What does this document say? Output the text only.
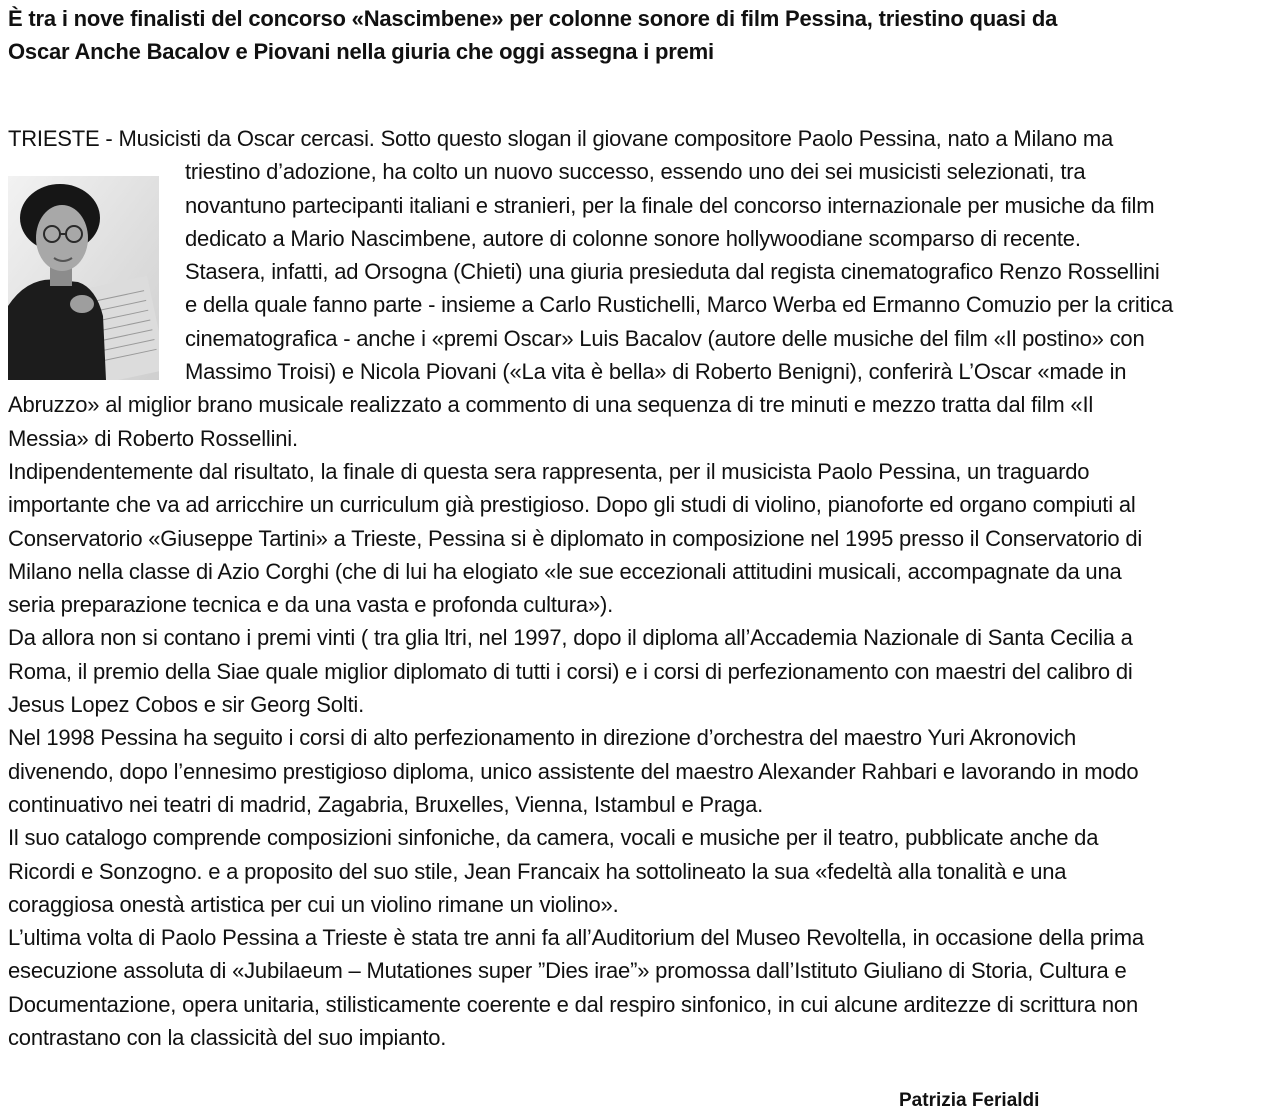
È tra i nove finalisti del concorso «Nascimbene» per colonne sonore di film Pessina, triestino quasi da
Oscar Anche Bacalov e Piovani nella giuria che oggi assegna i premi
TRIESTE - Musicisti da Oscar cercasi. Sotto questo slogan il giovane compositore Paolo Pessina, nato a Milano ma
triestino d’adozione, ha colto un nuovo successo, essendo uno dei sei musicisti selezionati, tra
novantuno partecipanti italiani e stranieri, per la finale del concorso internazionale per musiche da film
dedicato a Mario Nascimbene, autore di colonne sonore hollywoodiane scomparso di recente.
Stasera, infatti, ad Orsogna (Chieti) una giuria presieduta dal regista cinematografico Renzo Rossellini
e della quale fanno parte - insieme a Carlo Rustichelli, Marco Werba ed Ermanno Comuzio per la critica
cinematografica - anche i «premi Oscar» Luis Bacalov (autore delle musiche del film «Il postino» con
Massimo Troisi) e Nicola Piovani («La vita è bella» di Roberto Benigni), conferirà L’Oscar «made in
Abruzzo» al miglior brano musicale realizzato a commento di una sequenza di tre minuti e mezzo tratta dal film «Il
Messia» di Roberto Rossellini.
Indipendentemente dal risultato, la finale di questa sera rappresenta, per il musicista Paolo Pessina, un traguardo
importante che va ad arricchire un curriculum già prestigioso. Dopo gli studi di violino, pianoforte ed organo compiuti al
Conservatorio «Giuseppe Tartini» a Trieste, Pessina si è diplomato in composizione nel 1995 presso il Conservatorio di
Milano nella classe di Azio Corghi (che di lui ha elogiato «le sue eccezionali attitudini musicali, accompagnate da una
seria preparazione tecnica e da una vasta e profonda cultura»).
Da allora non si contano i premi vinti ( tra glia ltri, nel 1997, dopo il diploma all’Accademia Nazionale di Santa Cecilia a
Roma, il premio della Siae quale miglior diplomato di tutti i corsi) e i corsi di perfezionamento con maestri del calibro di
Jesus Lopez Cobos e sir Georg Solti.
Nel 1998 Pessina ha seguito i corsi di alto perfezionamento in direzione d’orchestra del maestro Yuri Akronovich
divenendo, dopo l’ennesimo prestigioso diploma, unico assistente del maestro Alexander Rahbari e lavorando in modo
continuativo nei teatri di madrid, Zagabria, Bruxelles, Vienna, Istambul e Praga.
Il suo catalogo comprende composizioni sinfoniche, da camera, vocali e musiche per il teatro, pubblicate anche da
Ricordi e Sonzogno. e a proposito del suo stile, Jean Francaix ha sottolineato la sua «fedeltà alla tonalità e una
coraggiosa onestà artistica per cui un violino rimane un violino».
L’ultima volta di Paolo Pessina a Trieste è stata tre anni fa all’Auditorium del Museo Revoltella, in occasione della prima
esecuzione assoluta di «Jubilaeum – Mutationes super ”Dies irae”» promossa dall’Istituto Giuliano di Storia, Cultura e
Documentazione, opera unitaria, stilisticamente coerente e dal respiro sinfonico, in cui alcune arditezze di scrittura non
contrastano con la classicità del suo impianto.

Patrizia Ferialdi
